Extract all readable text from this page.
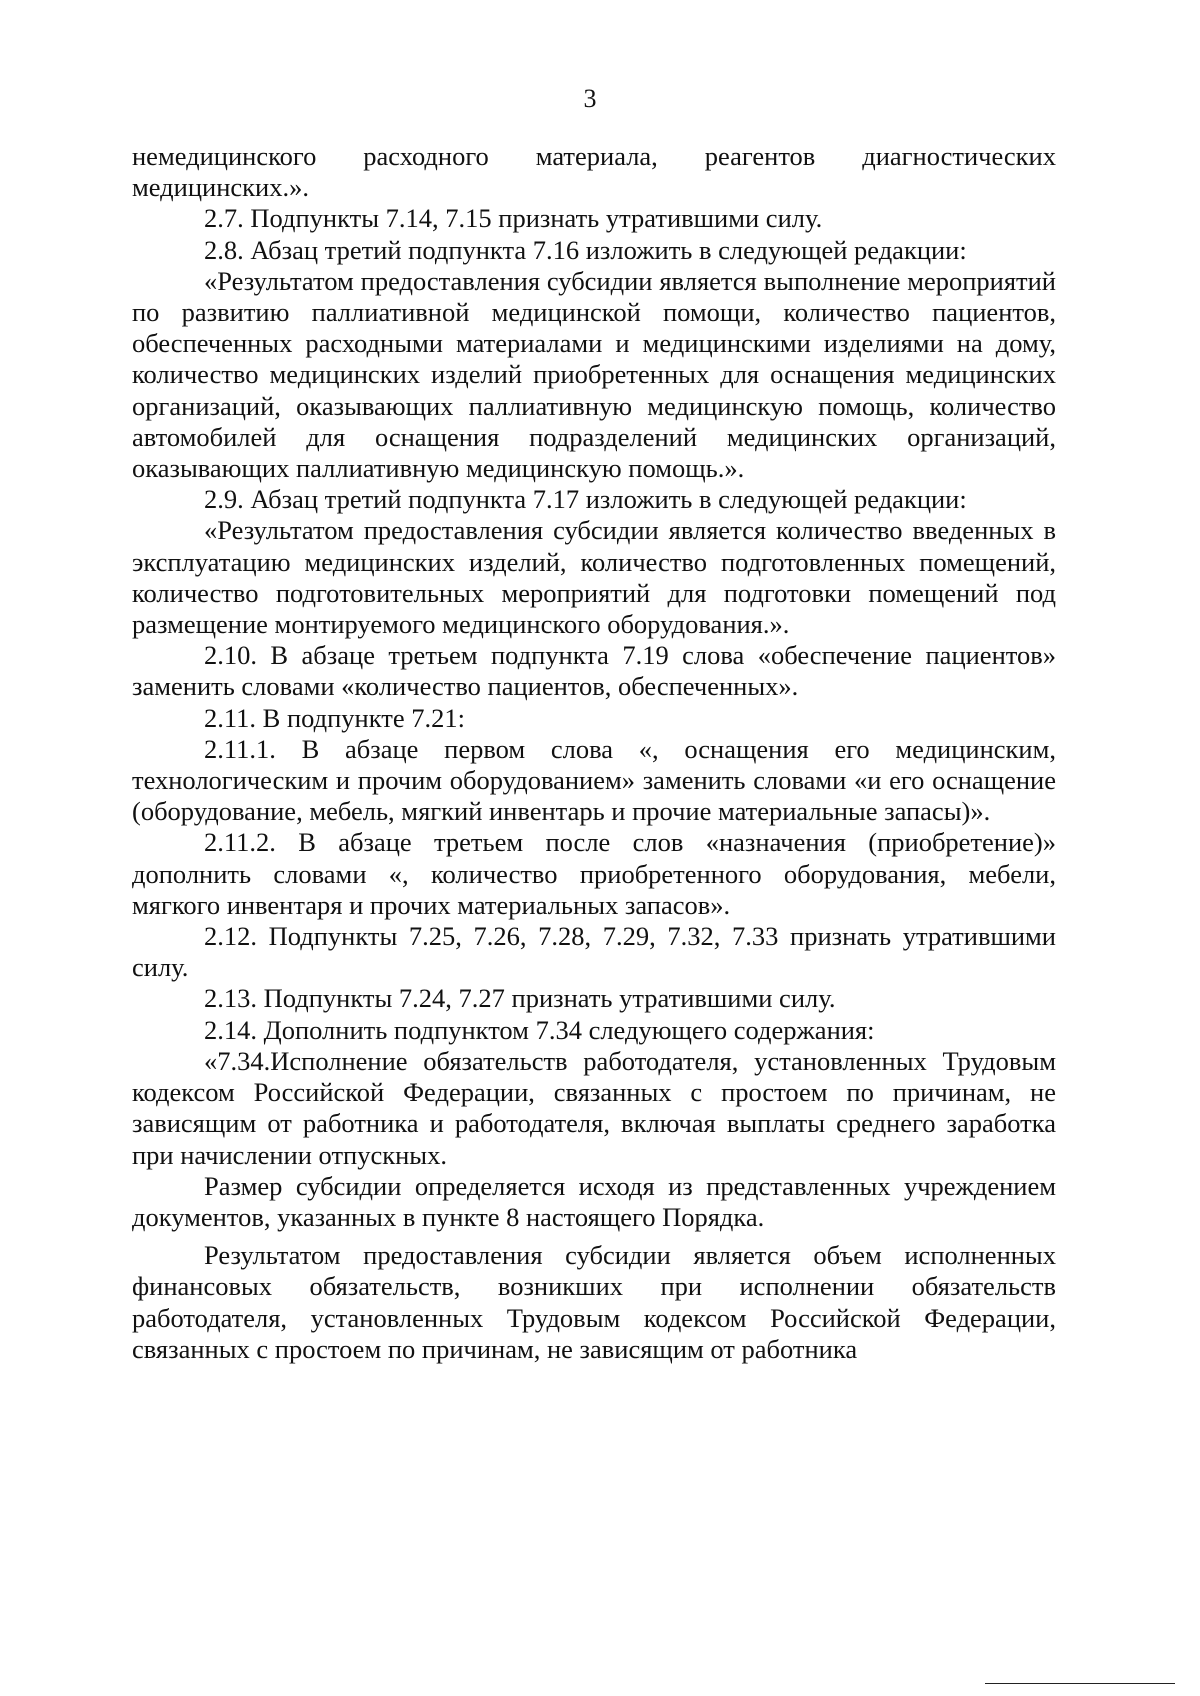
3

немедицинского расходного материала, реагентов диагностических медицинских.».

2.7. Подпункты 7.14, 7.15 признать утратившими силу.

2.8. Абзац третий подпункта 7.16 изложить в следующей редакции:

«Результатом предоставления субсидии является выполнение мероприятий по развитию паллиативной медицинской помощи, количество пациентов, обеспеченных расходными материалами и медицинскими изделиями на дому, количество медицинских изделий приобретенных для оснащения медицинских организаций, оказывающих паллиативную медицинскую помощь, количество автомобилей для оснащения подразделений медицинских организаций, оказывающих паллиативную медицинскую помощь.».

2.9. Абзац третий подпункта 7.17 изложить в следующей редакции:

«Результатом предоставления субсидии является количество введенных в эксплуатацию медицинских изделий, количество подготовленных помещений, количество подготовительных мероприятий для подготовки помещений под размещение монтируемого медицинского оборудования.».

2.10. В абзаце третьем подпункта 7.19 слова «обеспечение пациентов» заменить словами «количество пациентов, обеспеченных».

2.11. В подпункте 7.21:

2.11.1. В абзаце первом слова «, оснащения его медицинским, технологическим и прочим оборудованием» заменить словами «и его оснащение (оборудование, мебель, мягкий инвентарь и прочие материальные запасы)».

2.11.2. В абзаце третьем после слов «назначения (приобретение)» дополнить словами «, количество приобретенного оборудования, мебели, мягкого инвентаря и прочих материальных запасов».

2.12. Подпункты 7.25, 7.26, 7.28, 7.29, 7.32, 7.33 признать утратившими силу.

2.13. Подпункты 7.24, 7.27 признать утратившими силу.

2.14. Дополнить подпунктом 7.34 следующего содержания:

«7.34.Исполнение обязательств работодателя, установленных Трудовым кодексом Российской Федерации, связанных с простоем по причинам, не зависящим от работника и работодателя, включая выплаты среднего заработка при начислении отпускных.

Размер субсидии определяется исходя из представленных учреждением документов, указанных в пункте 8 настоящего Порядка.

Результатом предоставления субсидии является объем исполненных финансовых обязательств, возникших при исполнении обязательств работодателя, установленных Трудовым кодексом Российской Федерации, связанных с простоем по причинам, не зависящим от работника
